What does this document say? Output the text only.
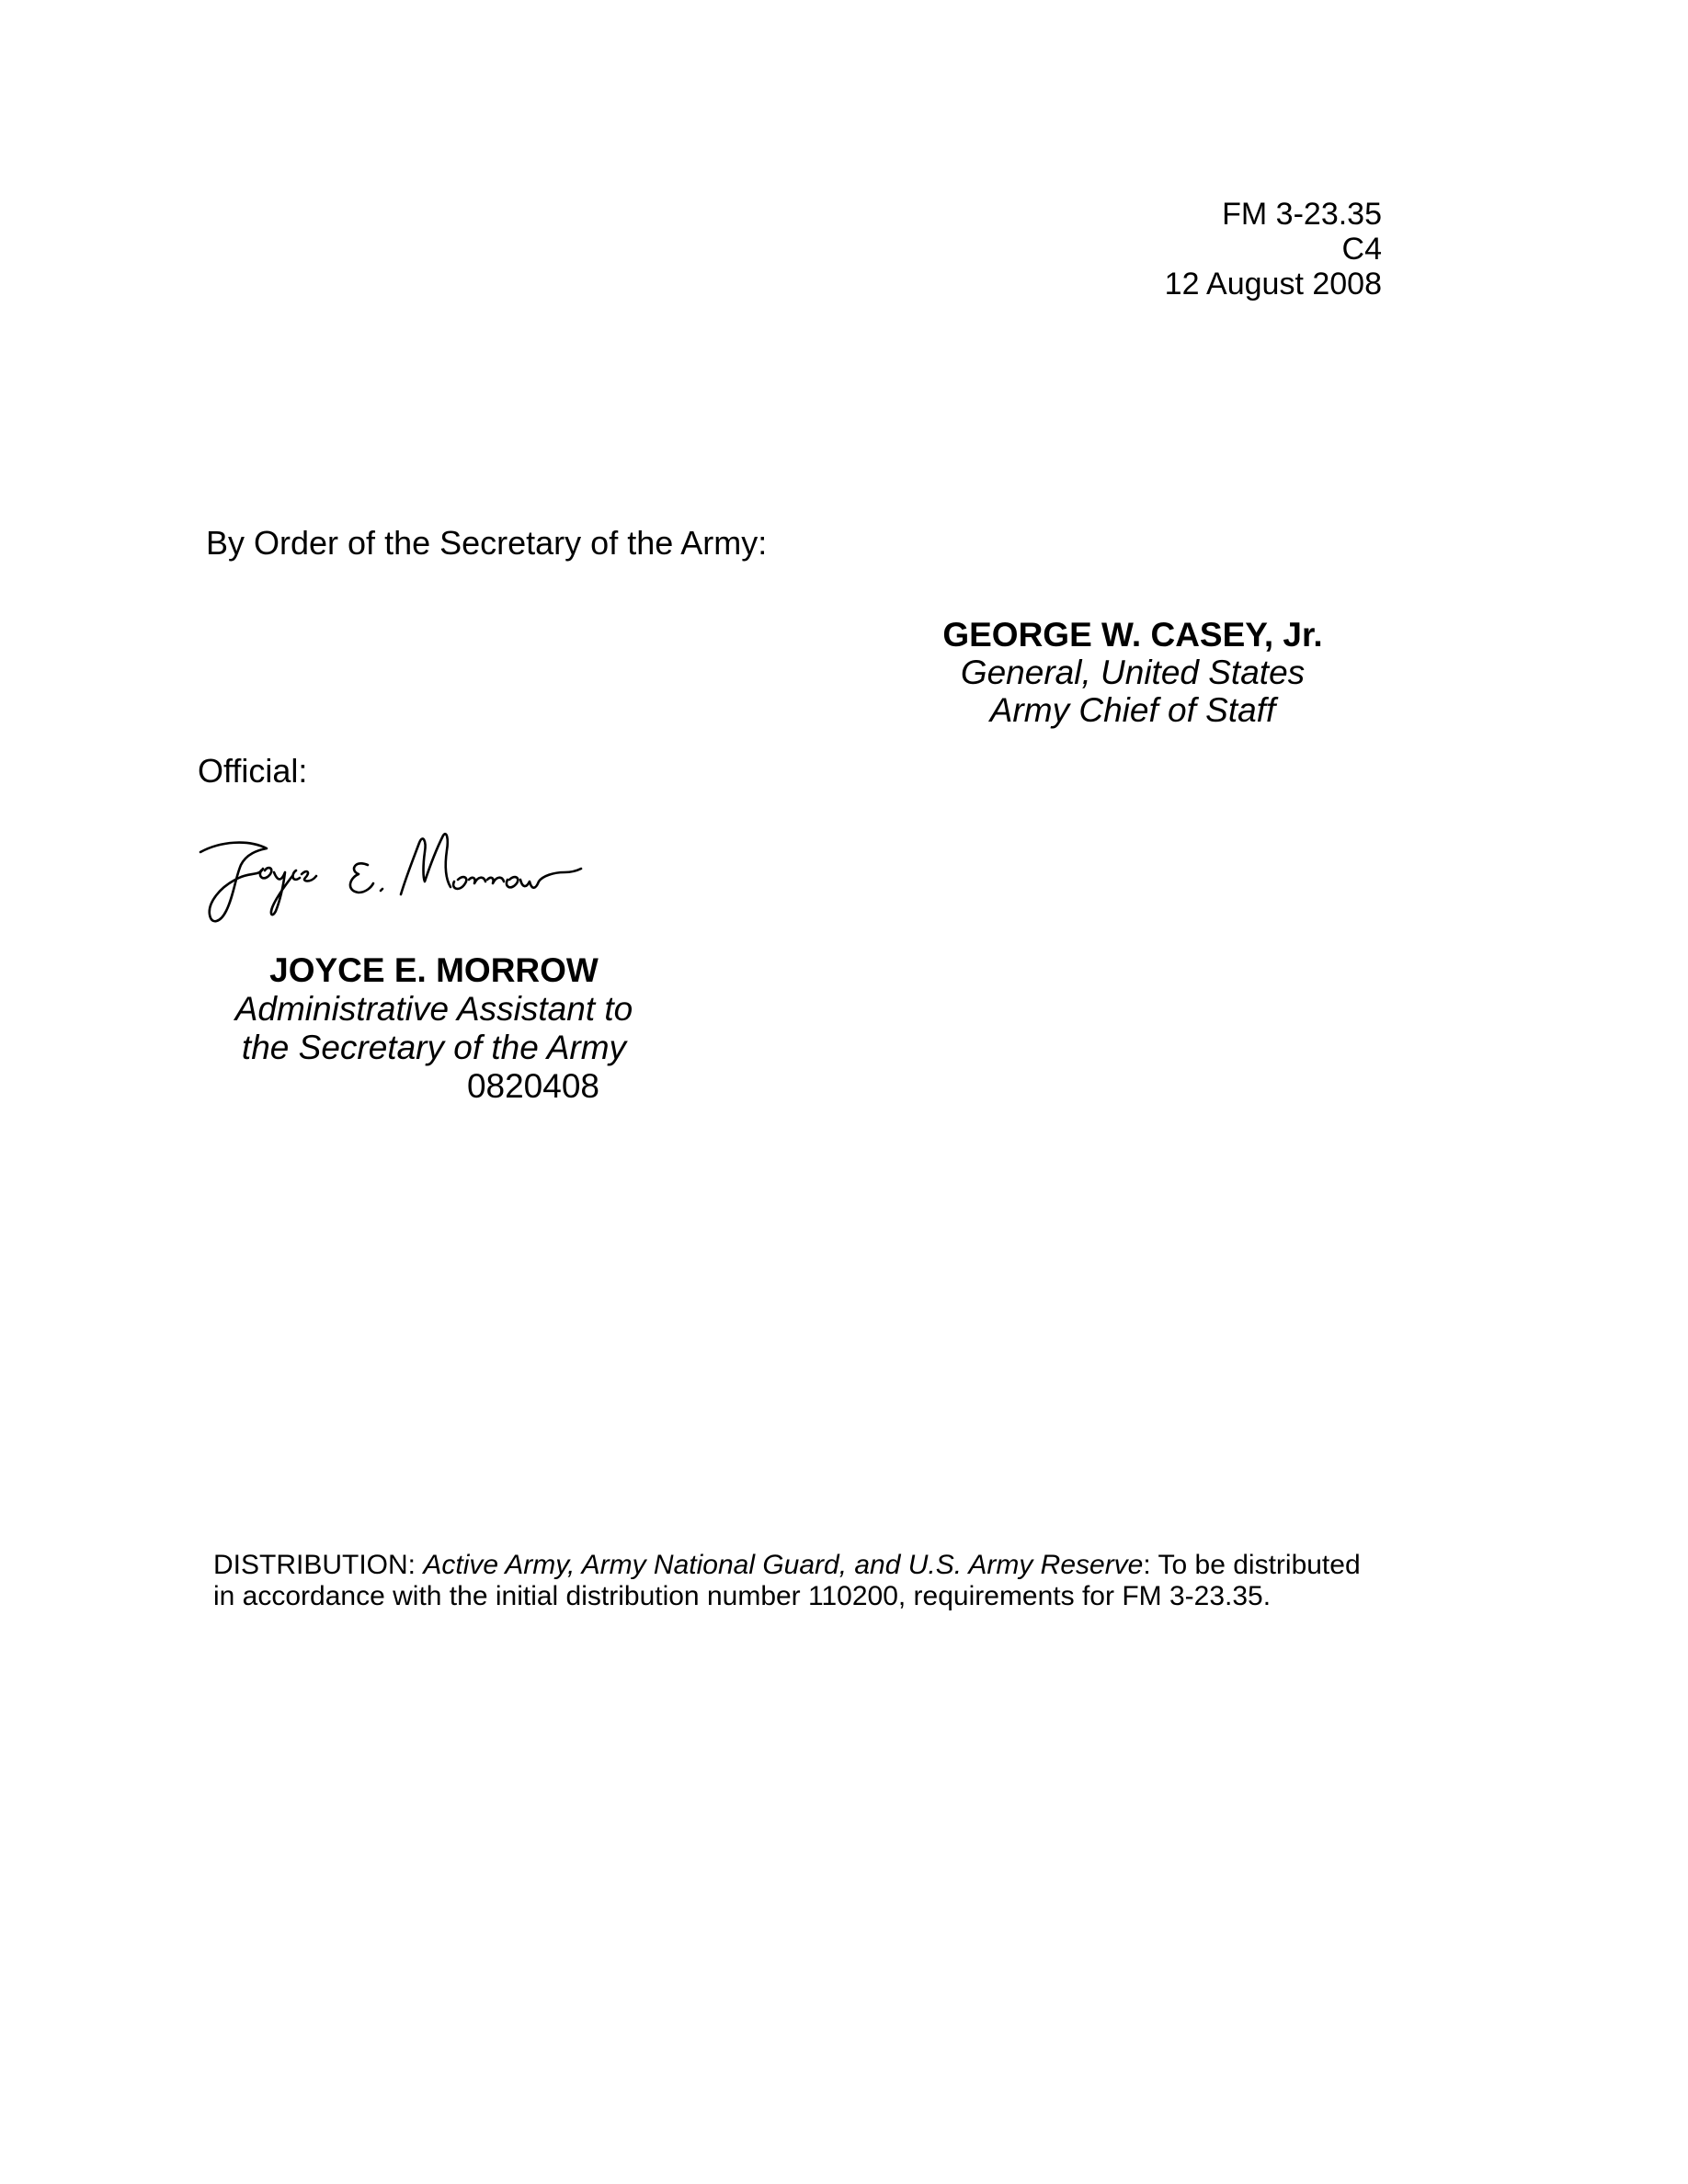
FM 3-23.35
C4
12 August 2008
By Order of the Secretary of the Army:
GEORGE W. CASEY, Jr.
General, United States
Army Chief of Staff
Official:
JOYCE E. MORROW
Administrative Assistant to
the Secretary of the Army
0820408
DISTRIBUTION: Active Army, Army National Guard, and U.S. Army Reserve: To be distributed
in accordance with the initial distribution number 110200, requirements for FM 3-23.35.
